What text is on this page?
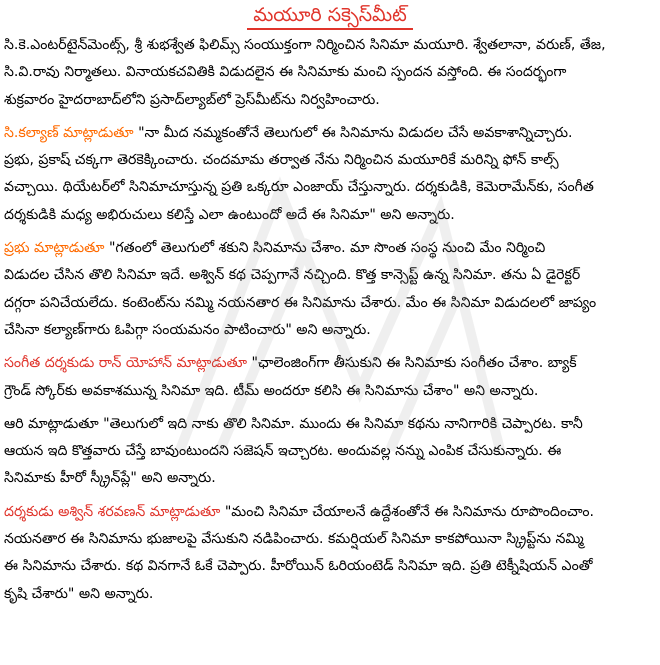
మయూరి సక్సెస్‌మీట్
సి.కె.ఎంటర్‌టైన్‌మెంట్స్, శ్రీ శుభశ్వేత ఫిలిమ్స్ సంయుక్తంగా నిర్మించిన సినిమా మయూరి. శ్వేతలానా, వరుణ్, తేజ,
సి.వి.రావు నిర్మాతలు. వినాయకచవితికి విడుదలైన ఈ సినిమాకు మంచి స్పందన వస్తోంది. ఈ సందర్భంగా
శుక్రవారం హైదరాబాద్‌లోని ప్రసాద్‌ల్యాబ్‌లో ప్రెస్‌మీట్‌ను నిర్వహించారు.
సి.కల్యాణ్ మాట్లాడుతూ "నా మీద నమ్మకంతోనే తెలుగులో ఈ సినిమాను విడుదల చేసే అవకాశాన్నిచ్చారు.
ప్రభు, ప్రకాష్ చక్కగా తెరకెక్కించారు. చందమామ తర్వాత నేను నిర్మించిన మయూరికే మరిన్ని ఫోన్ కాల్స్
వచ్చాయి. థియేటర్‌లో సినిమాచూస్తున్న ప్రతి ఒక్కరూ ఎంజాయ్ చేస్తున్నారు. దర్శకుడికి, కెమెరామేన్‌కు, సంగీత
దర్శకుడికి మధ్య అభిరుచులు కలిస్తే ఎలా ఉంటుందో అదే ఈ సినిమా" అని అన్నారు.
ప్రభు మాట్లాడుతూ "గతంలో తెలుగులో శకుని సినిమాను చేశాం. మా సొంత సంస్థ నుంచి మేం నిర్మించి
విడుదల చేసిన తొలి సినిమా ఇదే. అశ్విన్ కథ చెప్పగానే నచ్చింది. కొత్త కాన్సెప్ట్ ఉన్న సినిమా. తను ఏ డైరెక్టర్
దగ్గరా పనిచేయలేదు. కంటెంట్‌ను నమ్మి నయనతార ఈ సినిమాను చేశారు. మేం ఈ సినిమా విడుదలలో జాప్యం
చేసినా కల్యాణ్‌గారు ఓపిగ్గా సంయమనం పాటించారు" అని అన్నారు.
సంగీత దర్శకుడు రాన్ యోహాన్ మాట్లాడుతూ "ఛాలెంజింగ్‌గా తీసుకుని ఈ సినిమాకు సంగీతం చేశాం. బ్యాక్
గ్రౌండ్ స్కోర్‌కు అవకాశమున్న సినిమా ఇది. టీమ్ అందరూ కలిసి ఈ సినిమాను చేశాం" అని అన్నారు.
ఆరి మాట్లాడుతూ "తెలుగులో ఇది నాకు తొలి సినిమా. ముందు ఈ సినిమా కథను నానిగారికి చెప్పారట. కానీ
ఆయన ఇది కొత్తవారు చేస్తే బావుంటుందని సజెషన్ ఇచ్చారట. అందువల్ల నన్ను ఎంపిక చేసుకున్నారు. ఈ
సినిమాకు హీరో స్క్రీన్‌ప్లే" అని అన్నారు.
దర్శకుడు అశ్విన్ శరవణన్ మాట్లాడుతూ "మంచి సినిమా చేయాలనే ఉద్దేశంతోనే ఈ సినిమాను రూపొందించాం.
నయనతార ఈ సినిమాను భుజాలపై వేసుకుని నడిపించారు. కమర్షియల్ సినిమా కాకపోయినా స్క్రిప్ట్‌ను నమ్మి
ఈ సినిమాను చేశారు. కథ వినగానే ఓకే చెప్పారు. హీరోయిన్ ఓరియంటెడ్ సినిమా ఇది. ప్రతి టెక్నీషియన్ ఎంతో
కృషి చేశారు" అని అన్నారు.
